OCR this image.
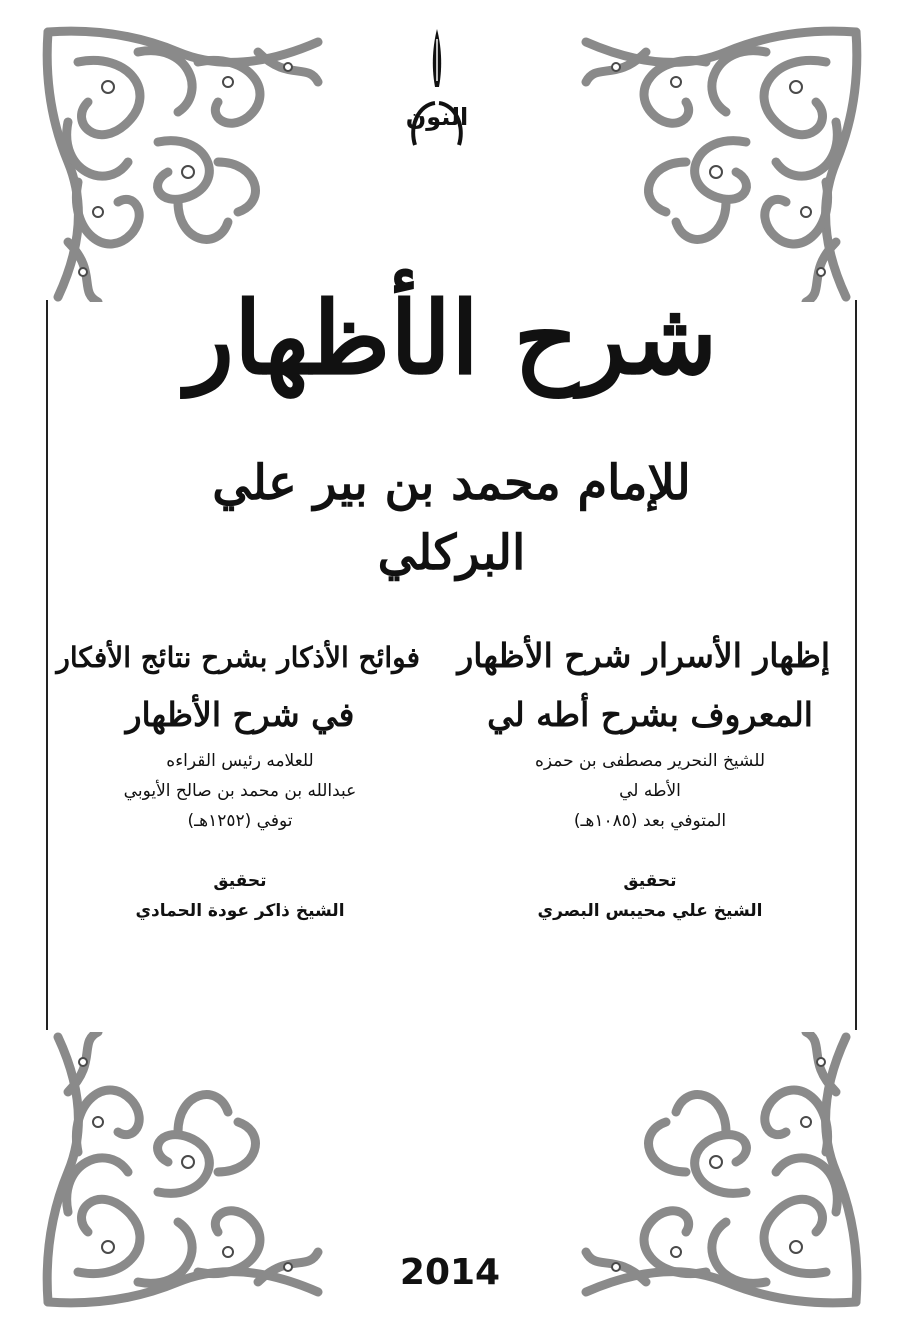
النون
شرح الأظهار
للإمام محمد بن بير علي البركلي
إظهار الأسرار شرح الأظهار
المعروف بشرح أطه لي
للشيخ النحرير مصطفى بن حمزه
الأطه لي
المتوفي بعد (١٠٨٥هـ)
تحقيق
الشيخ علي محيبس البصري
فوائح الأذكار بشرح نتائج الأفكار
في شرح الأظهار
للعلامه رئيس القراءه
عبدالله بن محمد بن صالح الأيوبي
توفي (١٢٥٢هـ)
تحقيق
الشيخ ذاكر عودة الحمادي
2014
